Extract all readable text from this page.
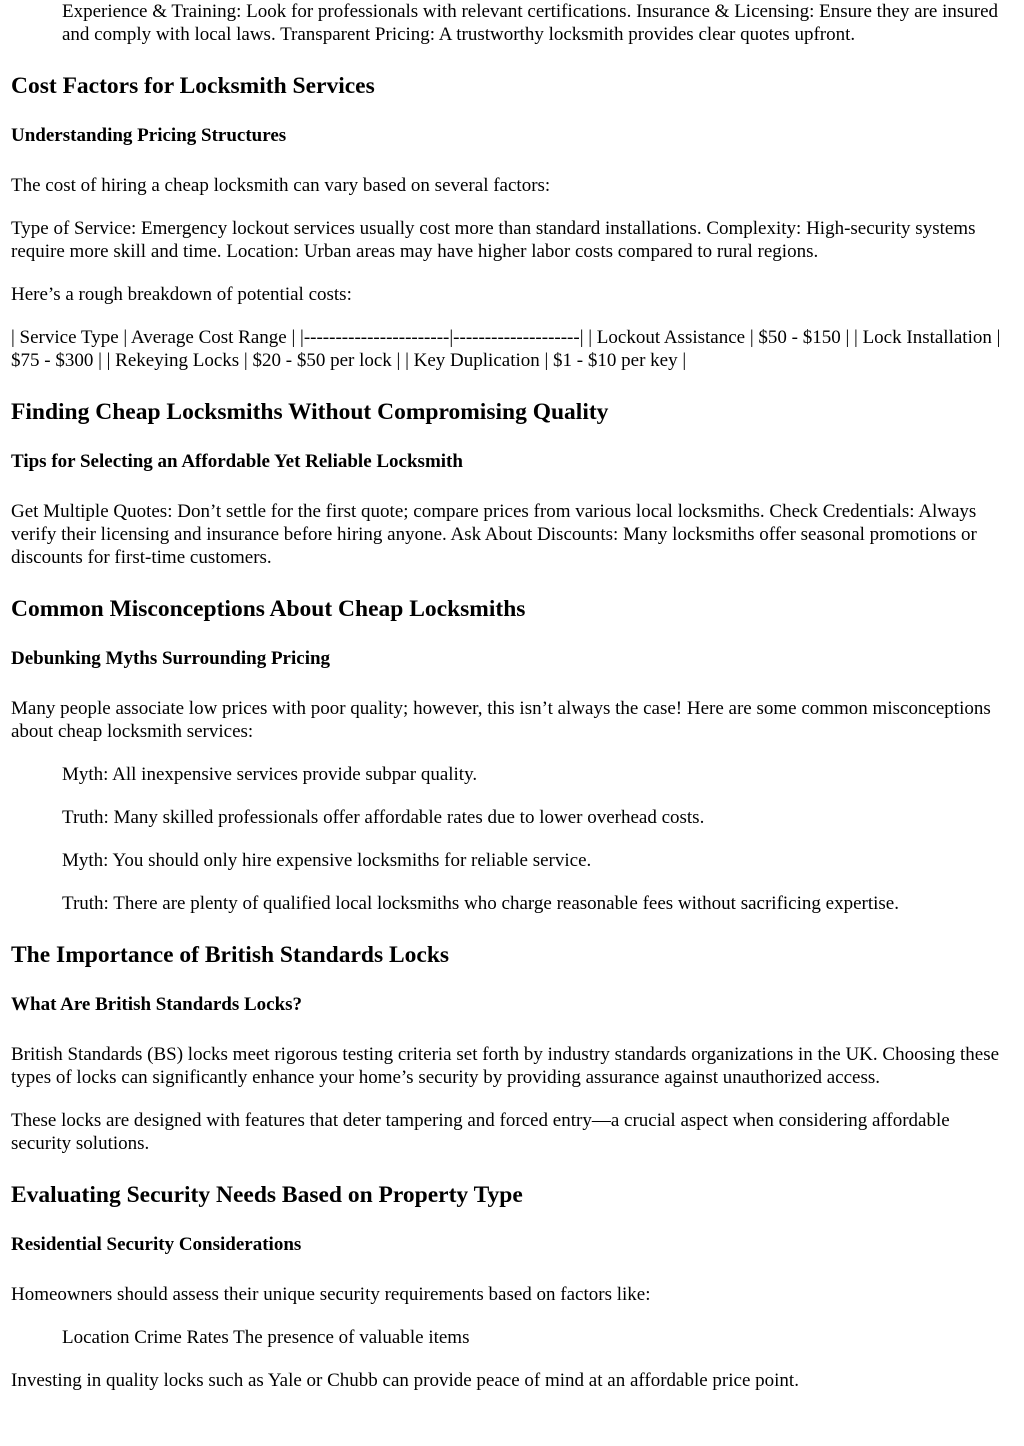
Experience & Training: Look for professionals with relevant certifications. Insurance & Licensing: Ensure they are insured and comply with local laws. Transparent Pricing: A trustworthy locksmith provides clear quotes upfront.

Cost Factors for Locksmith Services
Understanding Pricing Structures

The cost of hiring a cheap locksmith can vary based on several factors:

Type of Service: Emergency lockout services usually cost more than standard installations. Complexity: High-security systems require more skill and time. Location: Urban areas may have higher labor costs compared to rural regions.

Here’s a rough breakdown of potential costs:

| Service Type | Average Cost Range | |-----------------------|--------------------| | Lockout Assistance | $50 - $150 | | Lock Installation | $75 - $300 | | Rekeying Locks | $20 - $50 per lock | | Key Duplication | $1 - $10 per key |

Finding Cheap Locksmiths Without Compromising Quality
Tips for Selecting an Affordable Yet Reliable Locksmith

Get Multiple Quotes: Don’t settle for the first quote; compare prices from various local locksmiths. Check Credentials: Always verify their licensing and insurance before hiring anyone. Ask About Discounts: Many locksmiths offer seasonal promotions or discounts for first-time customers.

Common Misconceptions About Cheap Locksmiths
Debunking Myths Surrounding Pricing

Many people associate low prices with poor quality; however, this isn’t always the case! Here are some common misconceptions about cheap locksmith services:

Myth: All inexpensive services provide subpar quality.

Truth: Many skilled professionals offer affordable rates due to lower overhead costs.

Myth: You should only hire expensive locksmiths for reliable service.

Truth: There are plenty of qualified local locksmiths who charge reasonable fees without sacrificing expertise.

The Importance of British Standards Locks
What Are British Standards Locks?

British Standards (BS) locks meet rigorous testing criteria set forth by industry standards organizations in the UK. Choosing these types of locks can significantly enhance your home’s security by providing assurance against unauthorized access.

These locks are designed with features that deter tampering and forced entry—a crucial aspect when considering affordable security solutions.

Evaluating Security Needs Based on Property Type
Residential Security Considerations

Homeowners should assess their unique security requirements based on factors like:

Location Crime Rates The presence of valuable items

Investing in quality locks such as Yale or Chubb can provide peace of mind at an affordable price point.
